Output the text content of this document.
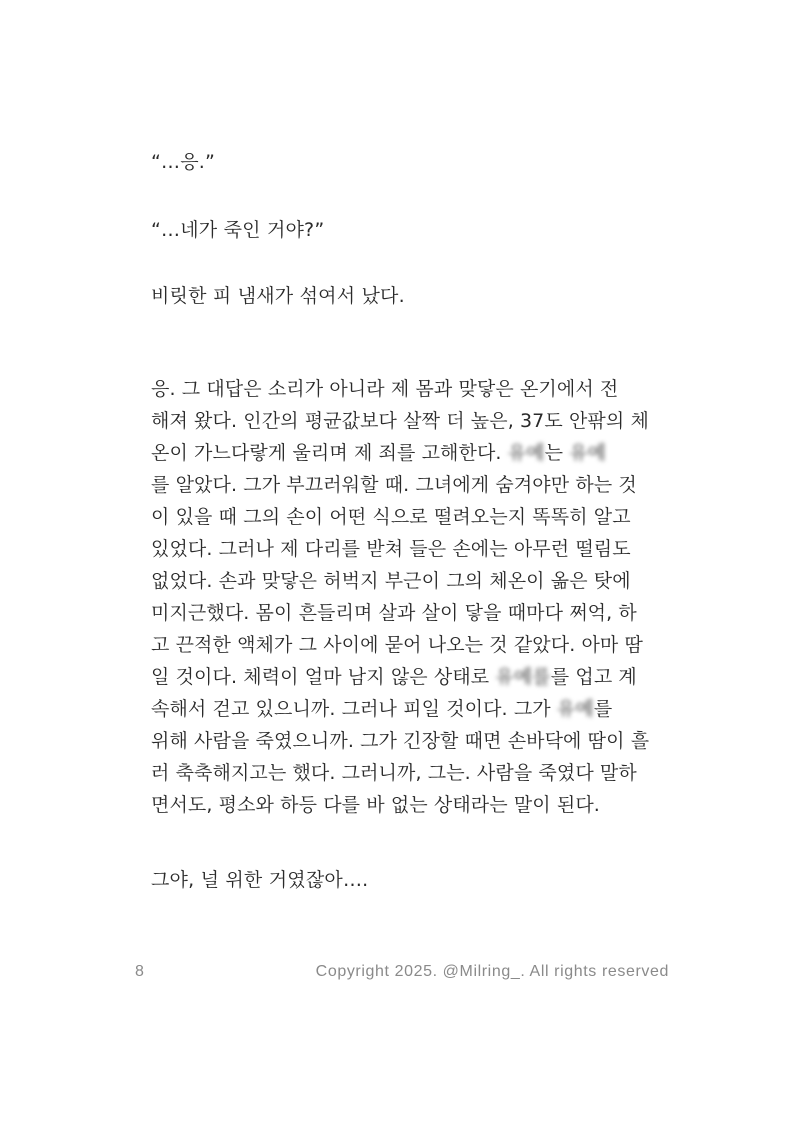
“…응.”
“…네가 죽인 거야?”
비릿한 피 냄새가 섞여서 났다.
응. 그 대답은 소리가 아니라 제 몸과 맞닿은 온기에서 전
해져 왔다. 인간의 평균값보다 살짝 더 높은, 37도 안팎의 체
온이 가느다랗게 울리며 제 죄를 고해한다. 유예는 유예
를 알았다. 그가 부끄러워할 때. 그녀에게 숨겨야만 하는 것
이 있을 때 그의 손이 어떤 식으로 떨려오는지 똑똑히 알고
있었다. 그러나 제 다리를 받쳐 들은 손에는 아무런 떨림도
없었다. 손과 맞닿은 허벅지 부근이 그의 체온이 옮은 탓에
미지근했다. 몸이 흔들리며 살과 살이 닿을 때마다 쩌억, 하
고 끈적한 액체가 그 사이에 묻어 나오는 것 같았다. 아마 땀
일 것이다. 체력이 얼마 남지 않은 상태로 유예를를 업고 계
속해서 걷고 있으니까. 그러나 피일 것이다. 그가 유예를
위해 사람을 죽였으니까. 그가 긴장할 때면 손바닥에 땀이 흘
러 축축해지고는 했다. 그러니까, 그는. 사람을 죽였다 말하
면서도, 평소와 하등 다를 바 없는 상태라는 말이 된다.
그야, 널 위한 거였잖아….
8	Copyright 2025. @Milring_. All rights reserved
